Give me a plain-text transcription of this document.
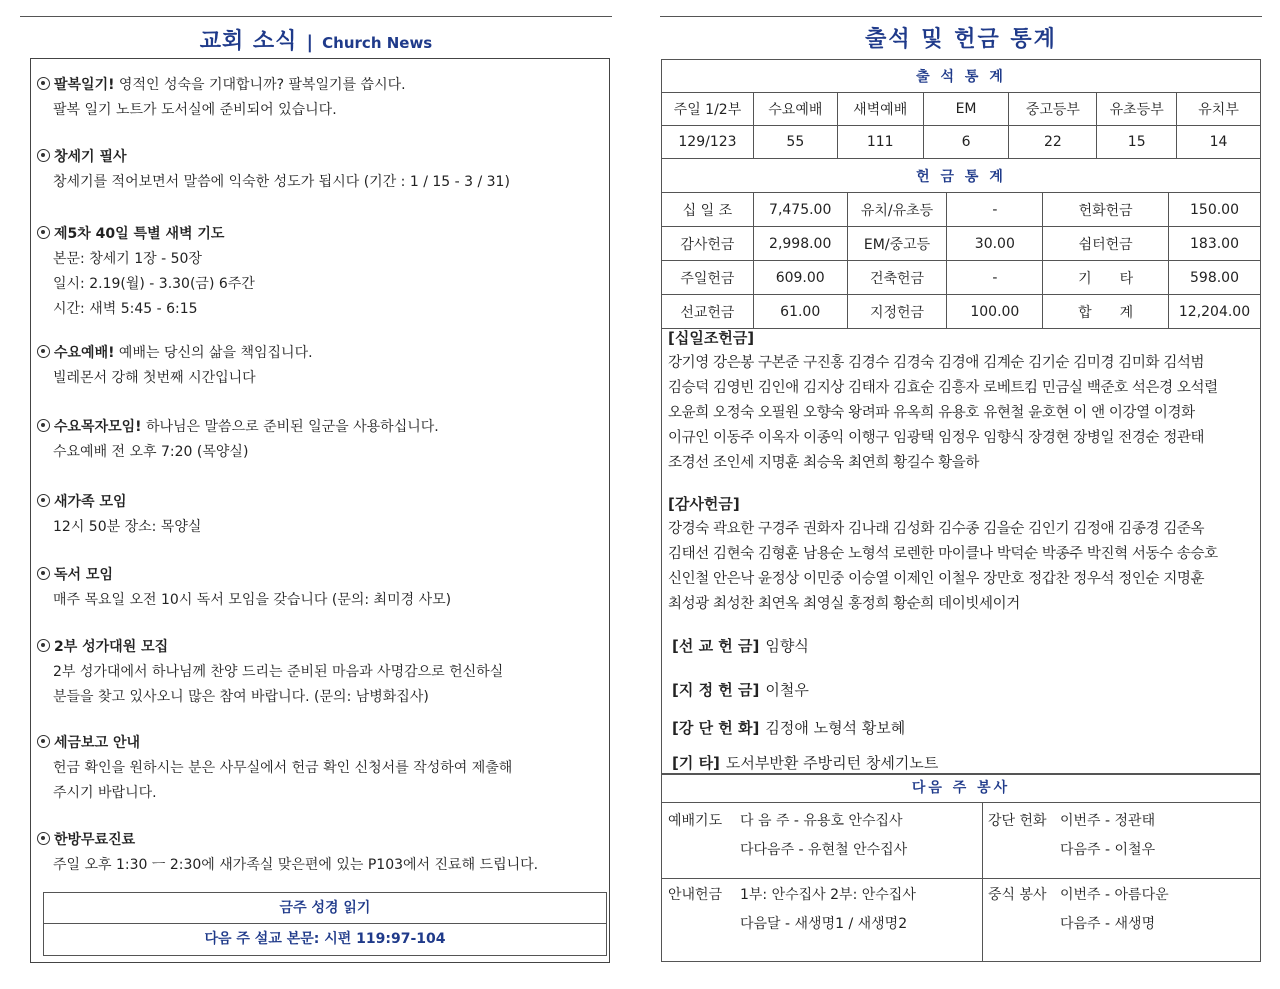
교회 소식 | Church News
팔복일기! 영적인 성숙을 기대합니까? 팔복일기를 씁시다.
팔복 일기 노트가 도서실에 준비되어 있습니다.
창세기 필사
창세기를 적어보면서 말씀에 익숙한 성도가 됩시다 (기간 : 1 / 15 - 3 / 31)
제5차 40일 특별 새벽 기도
본문: 창세기 1장 - 50장
일시: 2.19(월) - 3.30(금) 6주간
시간: 새벽 5:45 - 6:15
수요예배! 예배는 당신의 삶을 책임집니다.
빌레몬서 강해 첫번째 시간입니다
수요목자모임! 하나님은 말씀으로 준비된 일군을 사용하십니다.
수요예배 전 오후 7:20 (목양실)
새가족 모임
12시 50분 장소: 목양실
독서 모임
매주 목요일 오전 10시 독서 모임을 갖습니다 (문의: 최미경 사모)
2부 성가대원 모집
2부 성가대에서 하나님께 찬양 드리는 준비된 마음과 사명감으로 헌신하실
분들을 찾고 있사오니 많은 참여 바랍니다. (문의: 남병화집사)
세금보고 안내
헌금 확인을 원하시는 분은 사무실에서 헌금 확인 신청서를 작성하여 제출해
주시기 바랍니다.
한방무료진료
주일 오후 1:30 ㅡ 2:30에 새가족실 맞은편에 있는 P103에서 진료해 드립니다.
금주 성경 읽기
다음 주 설교 본문: 시편 119:97-104
출석 및 헌금 통계
출 석 통 계						
주일 1/2부	수요예배	새벽예배	EM	중고등부	유초등부	유치부
129/123	55	111	6	22	15	14
헌 금 통 계					
십 일 조	7,475.00	유치/유초등	-	헌화헌금	150.00
감사헌금	2,998.00	EM/중고등	30.00	쉼터헌금	183.00
주일헌금	609.00	건축헌금	-	기　　타	598.00
선교헌금	61.00	지정헌금	100.00	합　　계	12,204.00
[십일조헌금]
강기영 강은봉 구본준 구진홍 김경수 김경숙 김경애 김계순 김기순 김미경 김미화 김석범
김승덕 김영빈 김인애 김지상 김태자 김효순 김흥자 로베트킴 민금실 백준호 석은경 오석렬
오윤희 오정숙 오필원 오향숙 왕려파 유옥희 유용호 유현철 윤호현 이 앤 이강열 이경화
이규인 이동주 이옥자 이종익 이행구 임광택 임정우 임향식 장경현 장병일 전경순 정관태
조경선 조인세 지명훈 최승욱 최연희 황길수 황을하
[감사헌금]
강경숙 곽요한 구경주 권화자 김나래 김성화 김수종 김을순 김인기 김정애 김종경 김준옥
김태선 김현숙 김형훈 남용순 노형석 로렌한 마이클나 박덕순 박종주 박진혁 서동수 송승호
신인철 안은낙 윤정상 이민중 이승열 이제인 이철우 장만호 정갑찬 정우석 정인순 지명훈
최성광 최성찬 최연옥 최영실 홍정희 황순희 데이빗세이거
[선 교 헌 금] 임향식
[지 정 헌 금] 이철우
[강 단 헌 화] 김정애 노형석 황보혜
[기 타] 도서부반환 주방리턴 창세기노트
다음 주 봉사
예배기도 다 음 주 - 유용호 안수집사
다다음주 - 유현철 안수집사
강단 헌화 이번주 - 정관태
다음주 - 이철우
안내헌금 1부: 안수집사 2부: 안수집사
다음달 - 새생명1 / 새생명2
중식 봉사 이번주 - 아름다운
다음주 - 새생명
